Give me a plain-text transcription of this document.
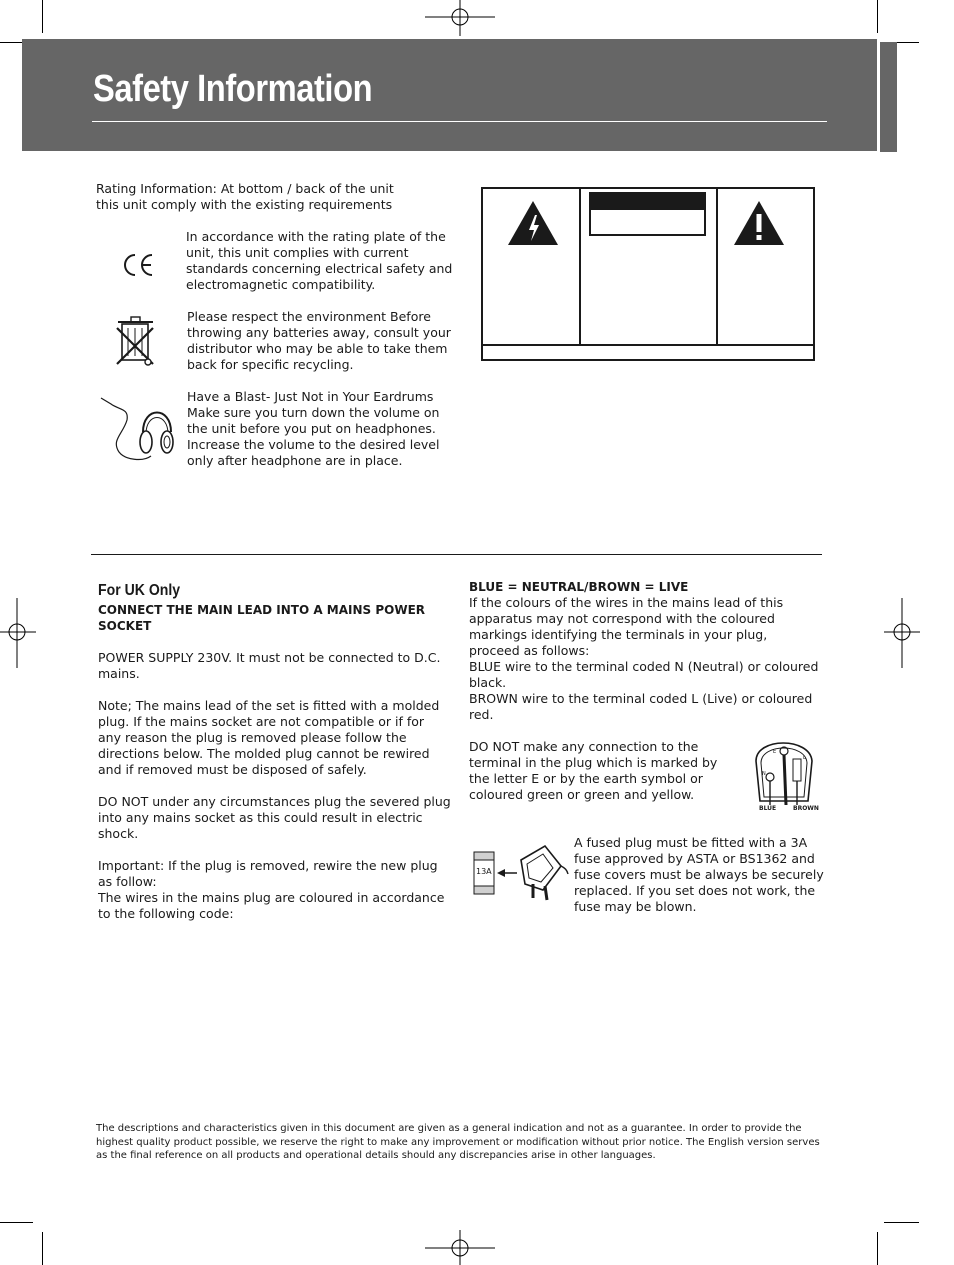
Safety Information
Rating Information: At bottom / back of the unit
this unit comply with the existing requirements
In accordance with the rating plate of the
unit, this unit complies with current
standards concerning electrical safety and
electromagnetic compatibility.
Please respect the environment Before
throwing any batteries away, consult your
distributor who may be able to take them
back for specific recycling.
Have a Blast- Just Not in Your Eardrums
Make sure you turn down the volume on
the unit before you put on headphones.
Increase the volume to the desired level
only after headphone are in place.
For UK Only
CONNECT THE MAIN LEAD INTO A MAINS POWER
SOCKET
POWER SUPPLY 230V. It must not be connected to D.C.
mains.
Note; The mains lead of the set is fitted with a molded
plug. If the mains socket are not compatible or if for
any reason the plug is removed please follow the
directions below. The molded plug cannot be rewired
and if removed must be disposed of safely.
DO NOT under any circumstances plug the severed plug
into any mains socket as this could result in electric
shock.
Important: If the plug is removed, rewire the new plug
as follow:
The wires in the mains plug are coloured in accordance
to the following code:
BLUE = NEUTRAL/BROWN = LIVE
If the colours of the wires in the mains lead of this
apparatus may not correspond with the coloured
markings identifying the terminals in your plug,
proceed as follows:
BLUE wire to the terminal coded N (Neutral) or coloured
black.
BROWN wire to the terminal coded L (Live) or coloured
red.
DO NOT make any connection to the
terminal in the plug which is marked by
the letter E or by the earth symbol or
coloured green or green and yellow.
E
N
L
BLUE	BROWN
13A
A fused plug must be fitted with a 3A
fuse approved by ASTA or BS1362 and
fuse covers must be always be securely
replaced. If you set does not work, the
fuse may be blown.
The descriptions and characteristics given in this document are given as a general indication and not as a guarantee. In order to provide the highest quality product possible, we reserve the right to make any improvement or modification without prior notice. The English version serves as the final reference on all products and operational details should any discrepancies arise in other languages.
